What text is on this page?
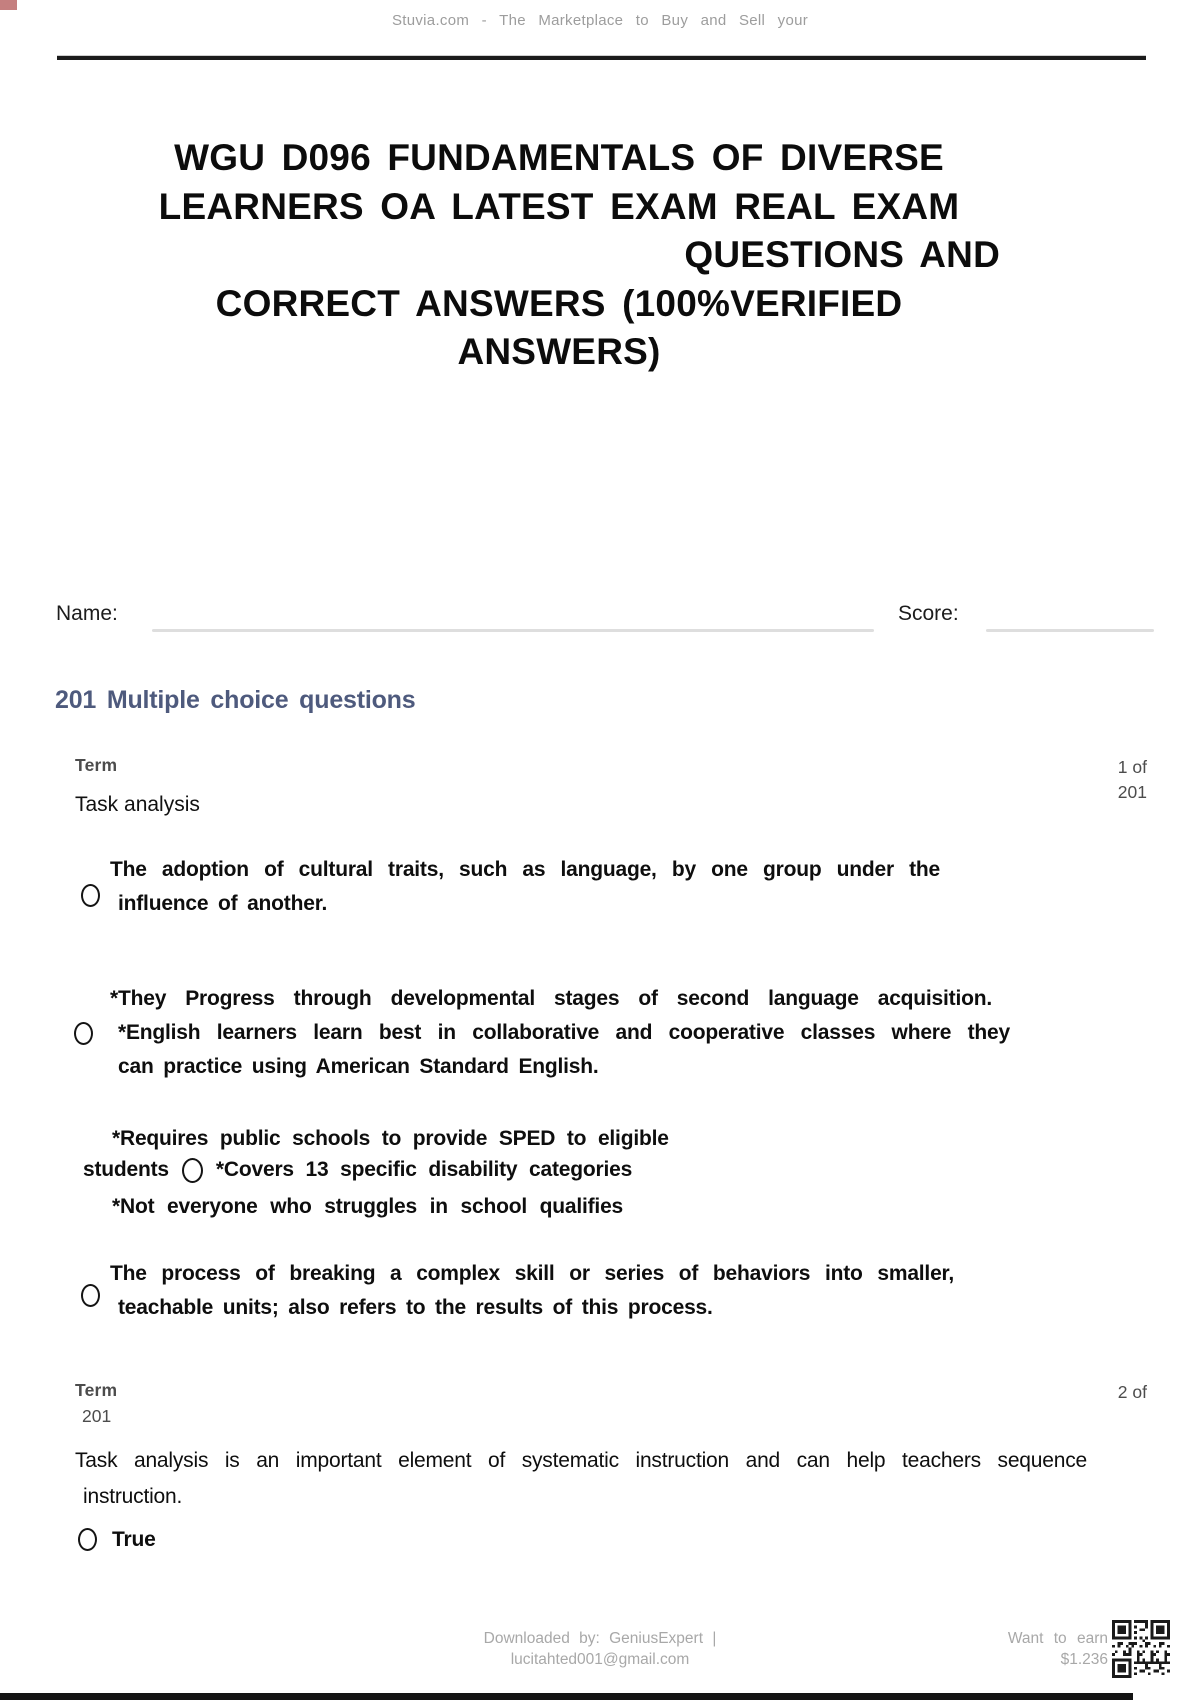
Stuvia.com - The Marketplace to Buy and Sell your
WGU D096 FUNDAMENTALS OF DIVERSE
LEARNERS OA LATEST EXAM REAL EXAM
QUESTIONS AND
CORRECT ANSWERS (100%VERIFIED ANSWERS)
Name:	Score:
201 Multiple choice questions
Term	1 of
201
Task analysis
The adoption of cultural traits, such as language, by one group under the
influence of another.
*They Progress through developmental stages of second language acquisition.
*English learners learn best in collaborative and cooperative classes where they
can practice using American Standard English.
*Requires public schools to provide SPED to eligible
students *Covers 13 specific disability categories
*Not everyone who struggles in school qualifies
The process of breaking a complex skill or series of behaviors into smaller,
teachable units; also refers to the results of this process.
Term	2 of
201
Task analysis is an important element of systematic instruction and can help teachers sequence
instruction.
True
Downloaded by: GeniusExpert |
lucitahted001@gmail.com
Want to earn
$1.236
